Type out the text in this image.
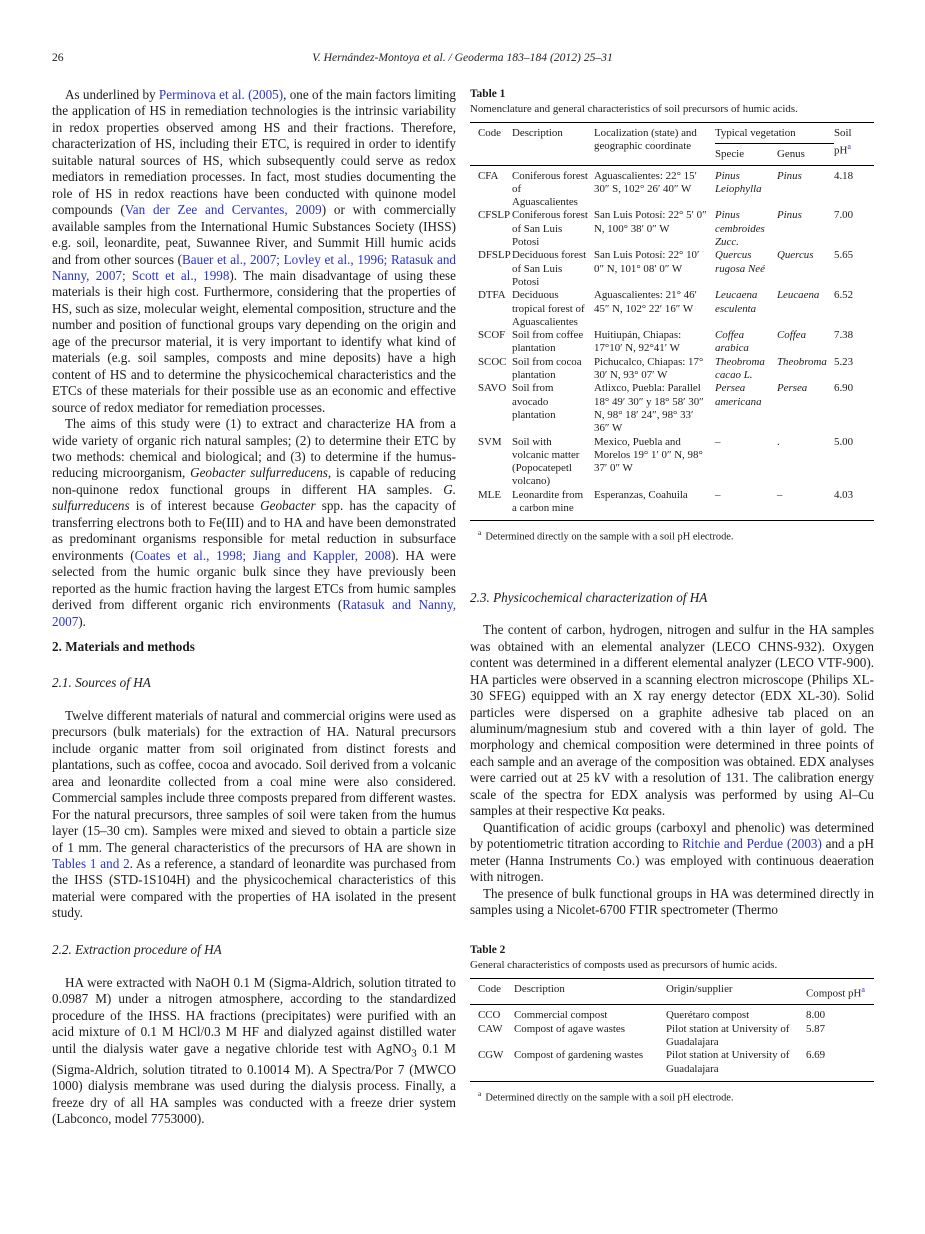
26	V. Hernández-Montoya et al. / Geoderma 183–184 (2012) 25–31

As underlined by Perminova et al. (2005), one of the main factors limiting the application of HS in remediation technologies is the intrinsic variability in redox properties observed among HS and their fractions. Therefore, characterization of HS, including their ETC, is required in order to identify suitable natural sources of HS, which subsequently could serve as redox mediators in remediation processes. In fact, most studies documenting the role of HS in redox reactions have been conducted with quinone model compounds (Van der Zee and Cervantes, 2009) or with commercially available samples from the International Humic Substances Society (IHSS) e.g. soil, leonardite, peat, Suwannee River, and Summit Hill humic acids and from other sources (Bauer et al., 2007; Lovley et al., 1996; Ratasuk and Nanny, 2007; Scott et al., 1998). The main disadvantage of using these materials is their high cost. Furthermore, considering that the properties of HS, such as size, molecular weight, elemental composition, structure and the number and position of functional groups vary depending on the origin and age of the precursor material, it is very important to identify what kind of materials (e.g. soil samples, composts and mine deposits) have a high content of HS and to determine the physicochemical characteristics and the ETCs of these materials for their possible use as an economic and effective source of redox mediator for remediation processes.

The aims of this study were (1) to extract and characterize HA from a wide variety of organic rich natural samples; (2) to determine their ETC by two methods: chemical and biological; and (3) to determine if the humus-reducing microorganism, Geobacter sulfurreducens, is capable of reducing non-quinone redox functional groups in different HA samples. G. sulfurreducens is of interest because Geobacter spp. has the capacity of transferring electrons both to Fe(III) and to HA and have been demonstrated as predominant organisms responsible for metal reduction in subsurface environments (Coates et al., 1998; Jiang and Kappler, 2008). HA were selected from the humic organic bulk since they have previously been reported as the humic fraction having the largest ETCs from humic samples derived from different organic rich environments (Ratasuk and Nanny, 2007).

2. Materials and methods
2.1. Sources of HA

Twelve different materials of natural and commercial origins were used as precursors (bulk materials) for the extraction of HA. Natural precursors include organic matter from soil originated from distinct forests and plantations, such as coffee, cocoa and avocado. Soil derived from a volcanic area and leonardite collected from a coal mine were also considered. Commercial samples include three composts prepared from different wastes. For the natural precursors, three samples of soil were taken from the humus layer (15–30 cm). Samples were mixed and sieved to obtain a particle size of 1 mm. The general characteristics of the precursors of HA are shown in Tables 1 and 2. As a reference, a standard of leonardite was purchased from the IHSS (STD-1S104H) and the physicochemical characteristics of this material were compared with the properties of HA isolated in the present study.

2.2. Extraction procedure of HA

HA were extracted with NaOH 0.1 M (Sigma-Aldrich, solution titrated to 0.0987 M) under a nitrogen atmosphere, according to the standardized procedure of the IHSS. HA fractions (precipitates) were purified with an acid mixture of 0.1 M HCl/0.3 M HF and dialyzed against distilled water until the dialysis water gave a negative chloride test with AgNO$_3$ 0.1 M (Sigma-Aldrich, solution titrated to 0.10014 M). A Spectra/Por 7 (MWCO 1000) dialysis membrane was used during the dialysis process. Finally, a freeze dry of all HA samples was conducted with a freeze drier system (Labconco, model 7753000).

Table 1
Nomenclature and general characteristics of soil precursors of humic acids.
Code	Description	Localization (state) and geographic coordinate	Typical vegetation		Soil pH$^a$
			Specie	Genus	
CFA	Coniferous forest of Aguascalientes	Aguascalientes: 22° 15′ 30″ S, 102° 26′ 40″ W	Pinus Leiophylla	Pinus	4.18
CFSLP	Coniferous forest of San Luis Potosi	San Luis Potosí: 22° 5′ 0″ N, 100° 38′ 0″ W	Pinus cembroides Zucc.	Pinus	7.00
DFSLP	Deciduous forest of San Luis Potosi	San Luis Potosí: 22° 10′ 0″ N, 101° 08′ 0″ W	Quercus rugosa Neé	Quercus	5.65
DTFA	Deciduous tropical forest of Aguascalientes	Aguascalientes: 21° 46′ 45″ N, 102° 22′ 16″ W	Leucaena esculenta	Leucaena	6.52
SCOF	Soil from coffee plantation	Huitiupán, Chiapas: 17°10′ N, 92°41′ W	Coffea arabica	Coffea	7.38
SCOC	Soil from cocoa plantation	Pichucalco, Chiapas: 17° 30′ N, 93° 07′ W	Theobroma cacao L.	Theobroma	5.23
SAVO	Soil from avocado plantation	Atlixco, Puebla: Parallel 18° 49′ 30″ y 18° 58′ 30″ N, 98° 18′ 24″, 98° 33′ 36″ W	Persea americana	Persea	6.90
SVM	Soil with volcanic matter (Popocatepetl volcano)	Mexico, Puebla and Morelos 19° 1′ 0″ N, 98° 37′ 0″ W	–	.	5.00
MLE	Leonardite from a carbon mine	Esperanzas, Coahuila	–	–	4.03
$^a$ Determined directly on the sample with a soil pH electrode.
2.3. Physicochemical characterization of HA

The content of carbon, hydrogen, nitrogen and sulfur in the HA samples was obtained with an elemental analyzer (LECO CHNS-932). Oxygen content was determined in a different elemental analyzer (LECO VTF-900). HA particles were observed in a scanning electron microscope (Philips XL-30 SFEG) equipped with an X ray energy detector (EDX XL-30). Solid particles were dispersed on a graphite adhesive tab placed on an aluminum/magnesium stub and covered with a thin layer of gold. The morphology and chemical composition were determined in three points of each sample and an average of the composition was obtained. EDX analyses were carried out at 25 kV with a resolution of 131. The calibration energy scale of the spectra for EDX analysis was performed by using Al–Cu samples at their respective Kα peaks.

Quantification of acidic groups (carboxyl and phenolic) was determined by potentiometric titration according to Ritchie and Perdue (2003) and a pH meter (Hanna Instruments Co.) was employed with continuous deaeration with nitrogen.

The presence of bulk functional groups in HA was determined directly in samples using a Nicolet-6700 FTIR spectrometer (Thermo

Table 2
General characteristics of composts used as precursors of humic acids.
Code	Description	Origin/supplier	Compost pH$^a$
CCO	Commercial compost	Querétaro compost	8.00
CAW	Compost of agave wastes	Pilot station at University of Guadalajara	5.87
CGW	Compost of gardening wastes	Pilot station at University of Guadalajara	6.69
$^a$ Determined directly on the sample with a soil pH electrode.
